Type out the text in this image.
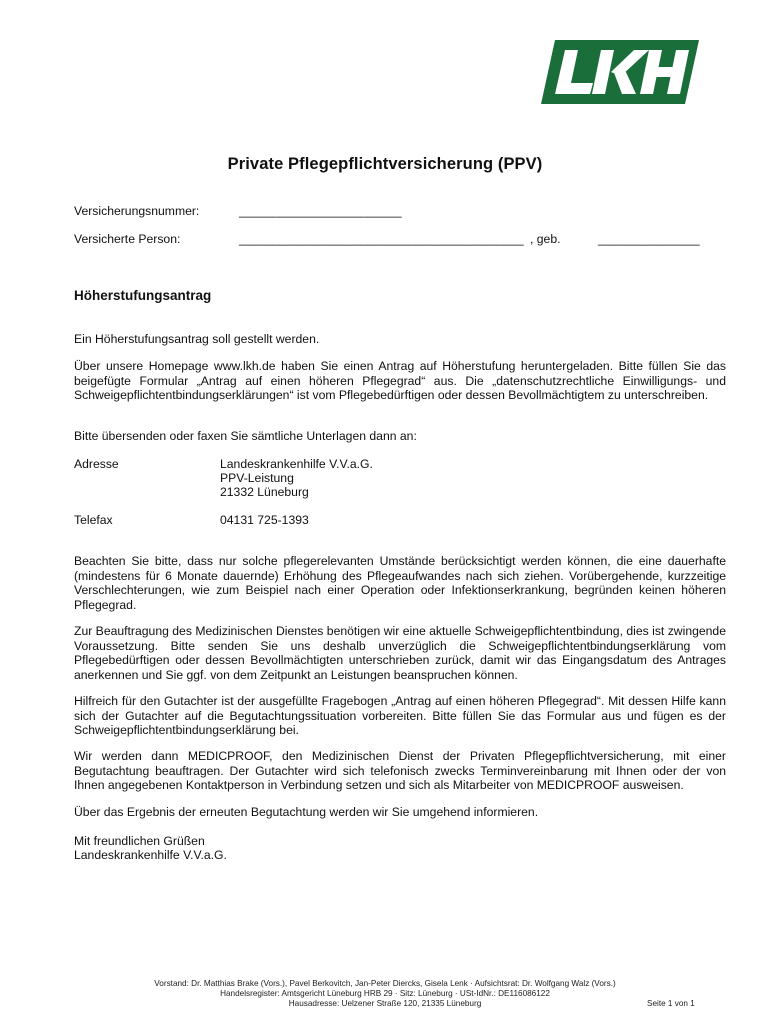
Private Pflegepflichtversicherung (PPV)
Versicherungsnummer:	________________________
Versicherte Person:	__________________________________________ , geb.	_______________
Höherstufungsantrag
Ein Höherstufungsantrag soll gestellt werden.
Über unsere Homepage www.lkh.de haben Sie einen Antrag auf Höherstufung heruntergeladen. Bitte füllen Sie das beigefügte Formular „Antrag auf einen höheren Pflegegrad“ aus. Die „datenschutzrechtliche Einwilligungs- und Schweigepflichtentbindungserklärungen“ ist vom Pflegebedürftigen oder dessen Bevollmächtigtem zu unterschreiben.
Bitte übersenden oder faxen Sie sämtliche Unterlagen dann an:
Adresse	Landeskrankenhilfe V.V.a.G.
PPV-Leistung
21332 Lüneburg
Telefax	04131 725-1393
Beachten Sie bitte, dass nur solche pflegerelevanten Umstände berücksichtigt werden können, die eine dauerhafte (mindestens für 6 Monate dauernde) Erhöhung des Pflegeaufwandes nach sich ziehen. Vorübergehende, kurzzeitige Verschlechterungen, wie zum Beispiel nach einer Operation oder Infektionserkrankung, begründen keinen höheren Pflegegrad.
Zur Beauftragung des Medizinischen Dienstes benötigen wir eine aktuelle Schweigepflichtentbindung, dies ist zwingende Voraussetzung. Bitte senden Sie uns deshalb unverzüglich die Schweigepflichtentbindungserklärung vom Pflegebedürftigen oder dessen Bevollmächtigten unterschrieben zurück, damit wir das Eingangsdatum des Antrages anerkennen und Sie ggf. von dem Zeitpunkt an Leistungen beanspruchen können.
Hilfreich für den Gutachter ist der ausgefüllte Fragebogen „Antrag auf einen höheren Pflegegrad“. Mit dessen Hilfe kann sich der Gutachter auf die Begutachtungssituation vorbereiten. Bitte füllen Sie das Formular aus und fügen es der Schweigepflichtentbindungserklärung bei.
Wir werden dann MEDICPROOF, den Medizinischen Dienst der Privaten Pflegepflichtversicherung, mit einer Begutachtung beauftragen. Der Gutachter wird sich telefonisch zwecks Terminvereinbarung mit Ihnen oder der von Ihnen angegebenen Kontaktperson in Verbindung setzen und sich als Mitarbeiter von MEDICPROOF ausweisen.
Über das Ergebnis der erneuten Begutachtung werden wir Sie umgehend informieren.
Mit freundlichen Grüßen
Landeskrankenhilfe V.V.a.G.
Vorstand: Dr. Matthias Brake (Vors.), Pavel Berkovitch, Jan-Peter Diercks, Gisela Lenk · Aufsichtsrat: Dr. Wolfgang Walz (Vors.)
Handelsregister: Amtsgericht Lüneburg HRB 29 · Sitz: Lüneburg · USt-IdNr.: DE116086122
Hausadresse: Uelzener Straße 120, 21335 Lüneburg	Seite 1 von 1
